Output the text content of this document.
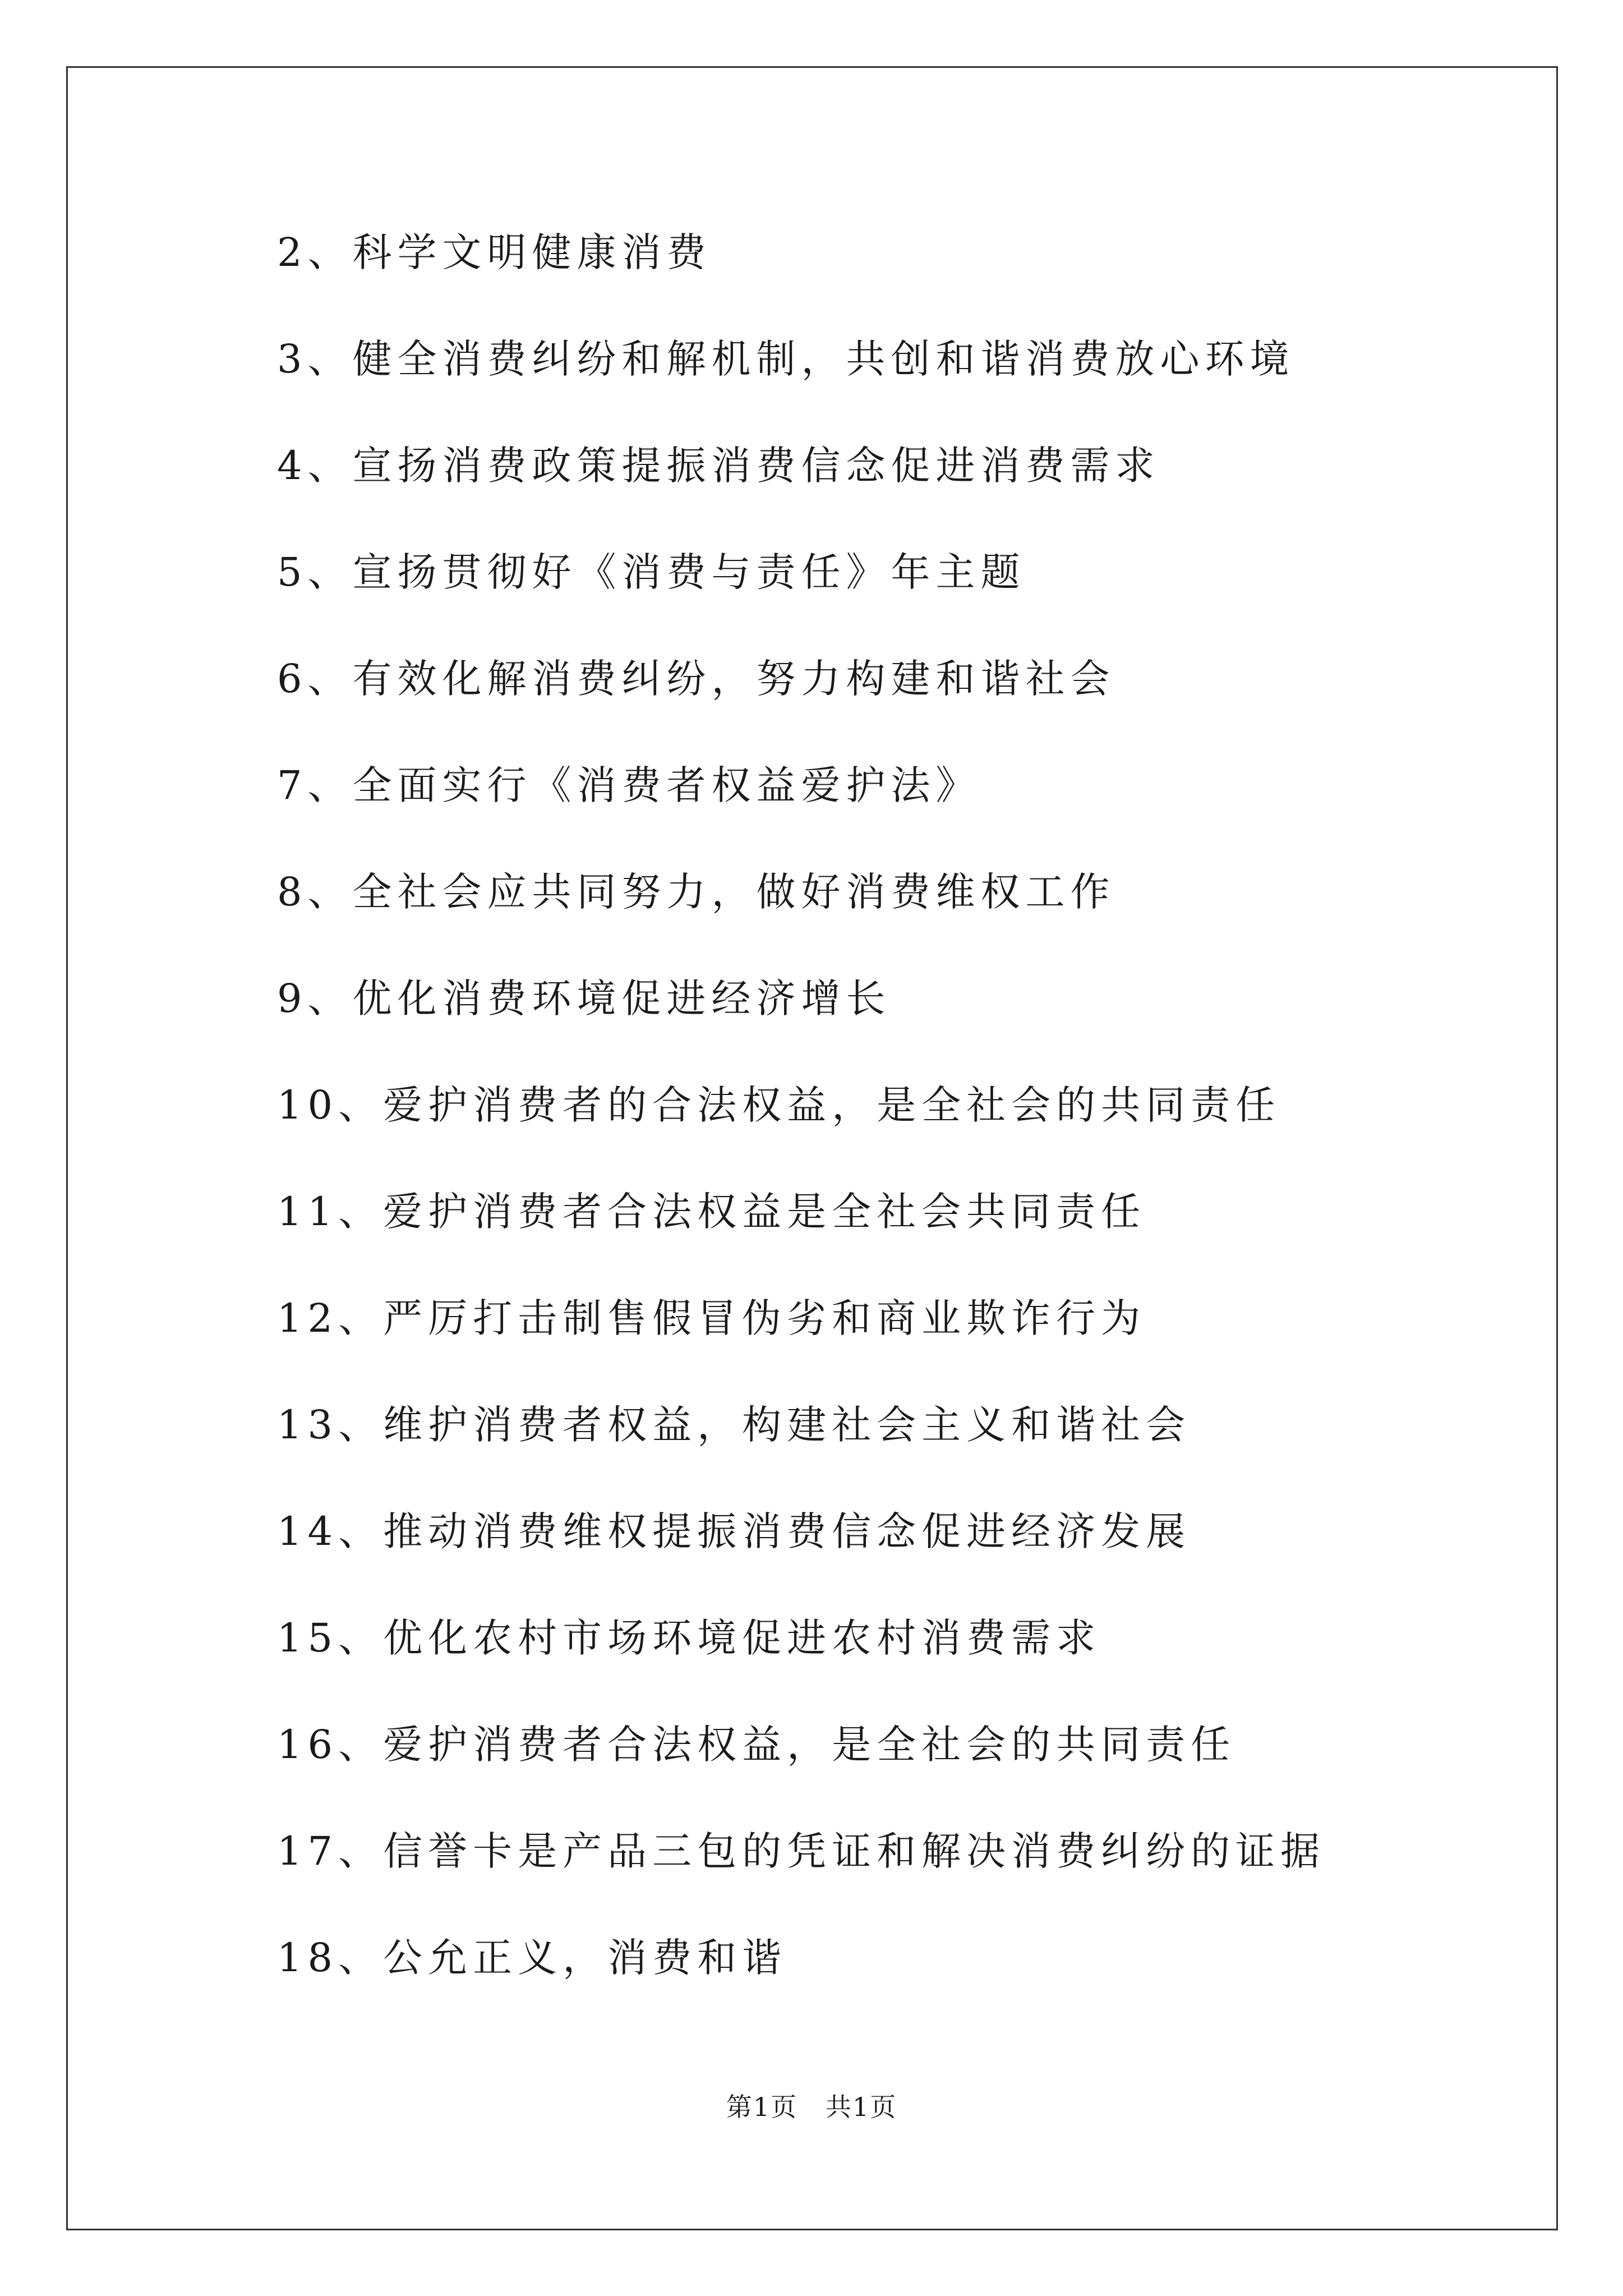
2、科学文明健康消费
3、健全消费纠纷和解机制，共创和谐消费放心环境
4、宣扬消费政策提振消费信念促进消费需求
5、宣扬贯彻好《消费与责任》年主题
6、有效化解消费纠纷，努力构建和谐社会
7、全面实行《消费者权益爱护法》
8、全社会应共同努力，做好消费维权工作
9、优化消费环境促进经济增长
10、爱护消费者的合法权益，是全社会的共同责任
11、爱护消费者合法权益是全社会共同责任
12、严厉打击制售假冒伪劣和商业欺诈行为
13、维护消费者权益，构建社会主义和谐社会
14、推动消费维权提振消费信念促进经济发展
15、优化农村市场环境促进农村消费需求
16、爱护消费者合法权益，是全社会的共同责任
17、信誉卡是产品三包的凭证和解决消费纠纷的证据
18、公允正义，消费和谐
第1页   共1页
